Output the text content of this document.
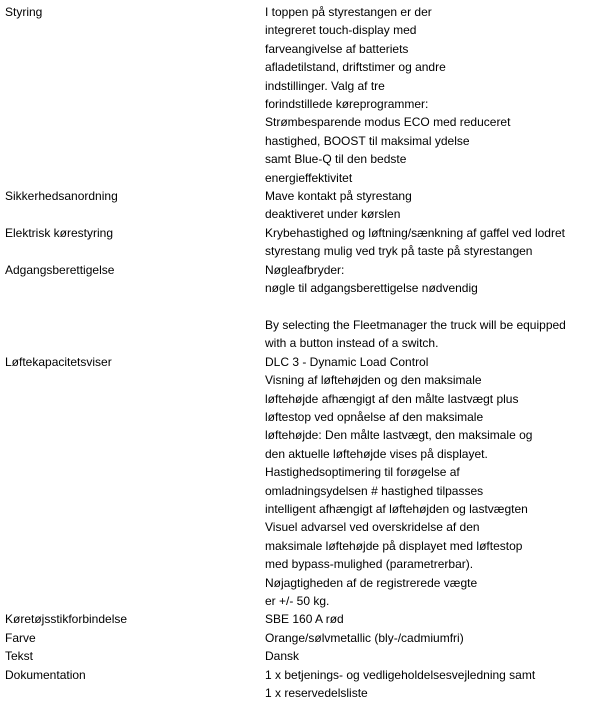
Styring	I toppen på styrestangen er der
integreret touch-display med
farveangivelse af batteriets
afladetilstand, driftstimer og andre
indstillinger. Valg af tre
forindstillede køreprogrammer:
Strømbesparende modus ECO med reduceret
hastighed, BOOST til maksimal ydelse
samt Blue-Q til den bedste
energieffektivitet
Sikkerhedsanordning	Mave kontakt på styrestang
deaktiveret under kørslen
Elektrisk kørestyring	Krybehastighed og løftning/sænkning af gaffel ved lodret
styrestang mulig ved tryk på taste på styrestangen
Adgangsberettigelse	Nøgleafbryder:
nøgle til adgangsberettigelse nødvendig
By selecting the Fleetmanager the truck will be equipped
with a button instead of a switch.
Løftekapacitetsviser	DLC 3 - Dynamic Load Control
Visning af løftehøjden og den maksimale
løftehøjde afhængigt af den målte lastvægt plus
løftestop ved opnåelse af den maksimale
løftehøjde: Den målte lastvægt, den maksimale og
den aktuelle løftehøjde vises på displayet.
Hastighedsoptimering til forøgelse af
omladningsydelsen # hastighed tilpasses
intelligent afhængigt af løftehøjden og lastvægten
Visuel advarsel ved overskridelse af den
maksimale løftehøjde på displayet med løftestop
med bypass-mulighed (parametrerbar).
Nøjagtigheden af de registrerede vægte
er +/- 50 kg.
Køretøjsstikforbindelse	SBE 160 A rød
Farve	Orange/sølvmetallic (bly-/cadmiumfri)
Tekst	Dansk
Dokumentation	1 x betjenings- og vedligeholdelsesvejledning samt
1 x reservedelsliste
